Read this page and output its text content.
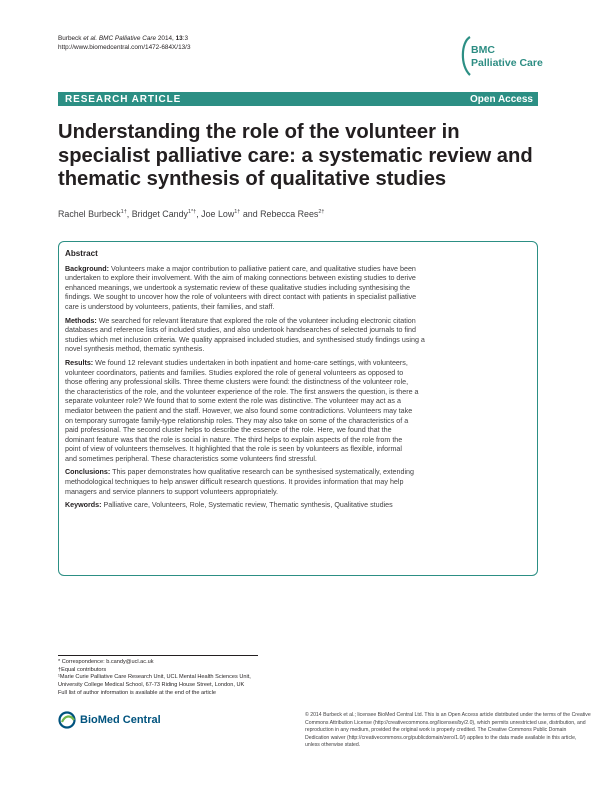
Burbeck et al. BMC Palliative Care 2014, 13:3
http://www.biomedcentral.com/1472-684X/13/3	BMC
Palliative Care
RESEARCH ARTICLE	Open Access
Understanding the role of the volunteer in
specialist palliative care: a systematic review and
thematic synthesis of qualitative studies
Rachel Burbeck$^{1\dagger}$, Bridget Candy$^{1*\dagger}$, Joe Low$^{1\dagger}$ and Rebecca Rees$^{2\dagger}$
Abstract
Background: Volunteers make a major contribution to palliative patient care, and qualitative studies have been
undertaken to explore their involvement. With the aim of making connections between existing studies to derive
enhanced meanings, we undertook a systematic review of these qualitative studies including synthesising the
findings. We sought to uncover how the role of volunteers with direct contact with patients in specialist palliative
care is understood by volunteers, patients, their families, and staff.
Methods: We searched for relevant literature that explored the role of the volunteer including electronic citation
databases and reference lists of included studies, and also undertook handsearches of selected journals to find
studies which met inclusion criteria. We quality appraised included studies, and synthesised study findings using a
novel synthesis method, thematic synthesis.
Results: We found 12 relevant studies undertaken in both inpatient and home-care settings, with volunteers,
volunteer coordinators, patients and families. Studies explored the role of general volunteers as opposed to
those offering any professional skills. Three theme clusters were found: the distinctness of the volunteer role,
the characteristics of the role, and the volunteer experience of the role. The first answers the question, is there a
separate volunteer role? We found that to some extent the role was distinctive. The volunteer may act as a
mediator between the patient and the staff. However, we also found some contradictions. Volunteers may take
on temporary surrogate family-type relationship roles. They may also take on some of the characteristics of a
paid professional. The second cluster helps to describe the essence of the role. Here, we found that the
dominant feature was that the role is social in nature. The third helps to explain aspects of the role from the
point of view of volunteers themselves. It highlighted that the role is seen by volunteers as flexible, informal
and sometimes peripheral. These characteristics some volunteers find stressful.
Conclusions: This paper demonstrates how qualitative research can be synthesised systematically, extending
methodological techniques to help answer difficult research questions. It provides information that may help
managers and service planners to support volunteers appropriately.
Keywords: Palliative care, Volunteers, Role, Systematic review, Thematic synthesis, Qualitative studies
* Correspondence: b.candy@ucl.ac.uk
†Equal contributors
¹Marie Curie Palliative Care Research Unit, UCL Mental Health Sciences Unit,
University College Medical School, 67-73 Riding House Street, London, UK
Full list of author information is available at the end of the article
BioMed Central	© 2014 Burbeck et al.; licensee BioMed Central Ltd. This is an Open Access article distributed under the terms of the Creative
Commons Attribution License (http://creativecommons.org/licenses/by/2.0), which permits unrestricted use, distribution, and
reproduction in any medium, provided the original work is properly credited. The Creative Commons Public Domain
Dedication waiver (http://creativecommons.org/publicdomain/zero/1.0/) applies to the data made available in this article,
unless otherwise stated.
